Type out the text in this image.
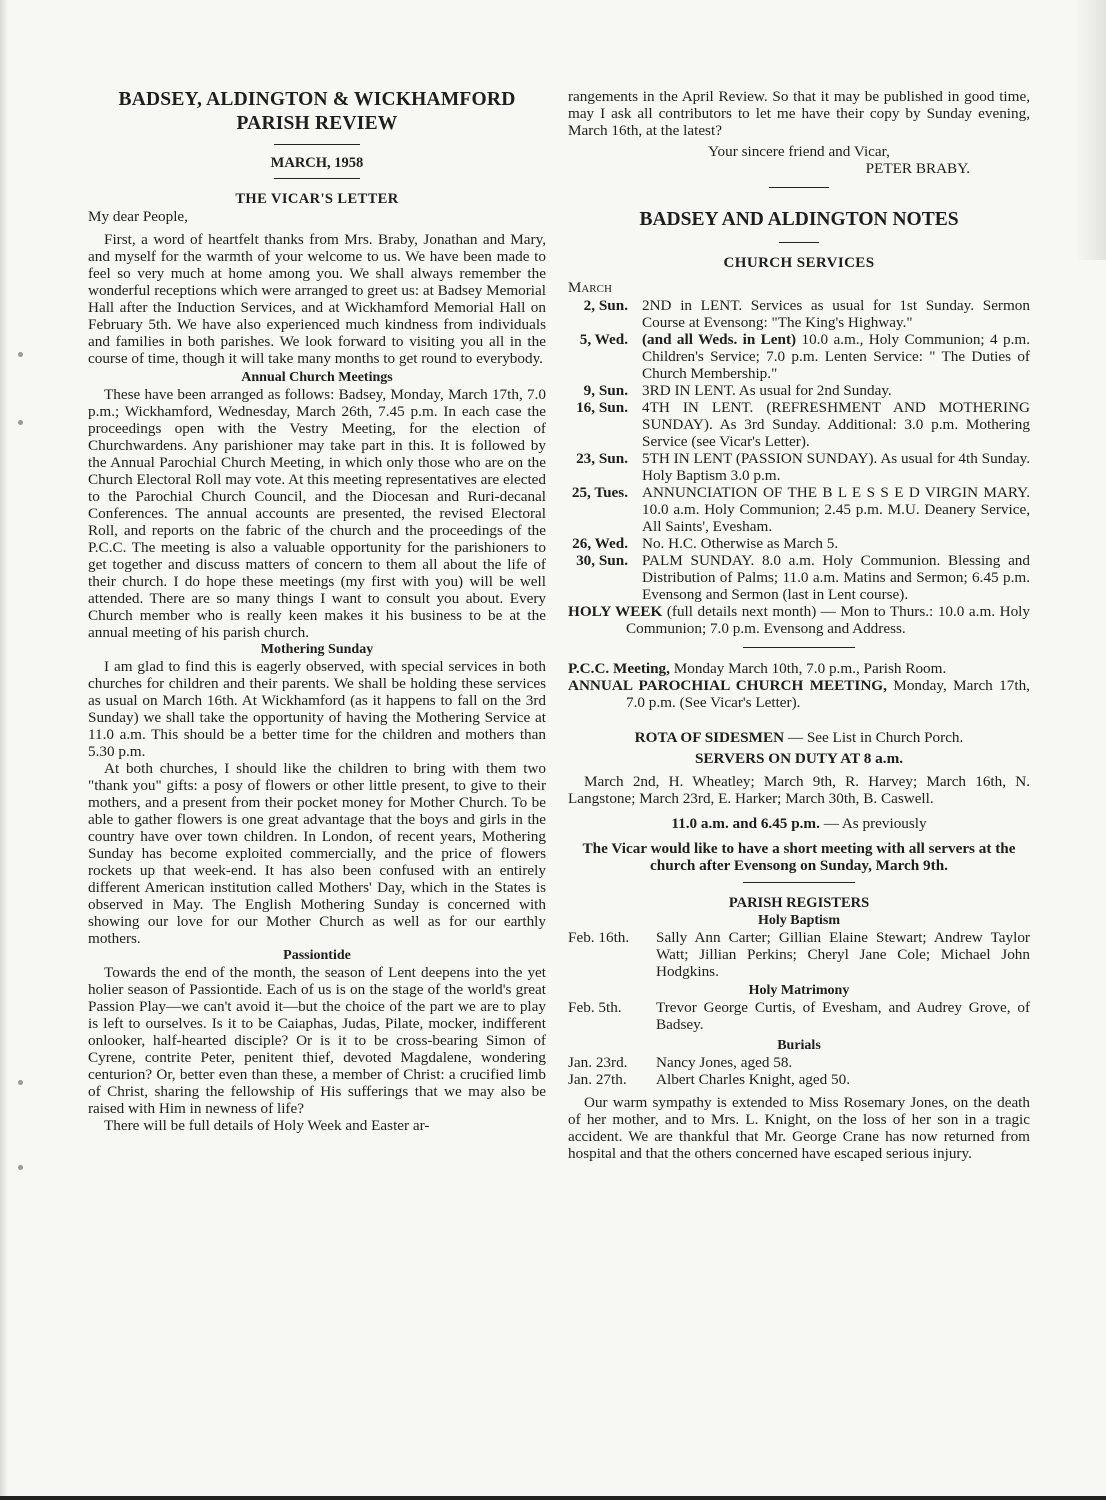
BADSEY, ALDINGTON & WICKHAMFORD
PARISH REVIEW
MARCH, 1958
THE VICAR'S LETTER

My dear People,

First, a word of heartfelt thanks from Mrs. Braby, Jonathan and Mary, and myself for the warmth of your welcome to us. We have been made to feel so very much at home among you. We shall always remember the wonderful receptions which were arranged to greet us: at Badsey Memorial Hall after the Induction Services, and at Wickhamford Memorial Hall on February 5th. We have also experienced much kindness from individuals and families in both parishes. We look forward to visiting you all in the course of time, though it will take many months to get round to everybody.

Annual Church Meetings

These have been arranged as follows: Badsey, Monday, March 17th, 7.0 p.m.; Wickhamford, Wednesday, March 26th, 7.45 p.m. In each case the proceedings open with the Vestry Meeting, for the election of Churchwardens. Any parishioner may take part in this. It is followed by the Annual Parochial Church Meeting, in which only those who are on the Church Electoral Roll may vote. At this meeting representatives are elected to the Parochial Church Council, and the Diocesan and Ruri-decanal Conferences. The annual accounts are presented, the revised Electoral Roll, and reports on the fabric of the church and the proceedings of the P.C.C. The meeting is also a valuable opportunity for the parishioners to get together and discuss matters of concern to them all about the life of their church. I do hope these meetings (my first with you) will be well attended. There are so many things I want to consult you about. Every Church member who is really keen makes it his business to be at the annual meeting of his parish church.

Mothering Sunday

I am glad to find this is eagerly observed, with special services in both churches for children and their parents. We shall be holding these services as usual on March 16th. At Wickhamford (as it happens to fall on the 3rd Sunday) we shall take the opportunity of having the Mothering Service at 11.0 a.m. This should be a better time for the children and mothers than 5.30 p.m.

At both churches, I should like the children to bring with them two "thank you" gifts: a posy of flowers or other little present, to give to their mothers, and a present from their pocket money for Mother Church. To be able to gather flowers is one great advantage that the boys and girls in the country have over town children. In London, of recent years, Mothering Sunday has become exploited commercially, and the price of flowers rockets up that week-end. It has also been confused with an entirely different American institution called Mothers' Day, which in the States is observed in May. The English Mothering Sunday is concerned with showing our love for our Mother Church as well as for our earthly mothers.

Passiontide

Towards the end of the month, the season of Lent deepens into the yet holier season of Passiontide. Each of us is on the stage of the world's great Passion Play—we can't avoid it—but the choice of the part we are to play is left to ourselves. Is it to be Caiaphas, Judas, Pilate, mocker, indifferent onlooker, half-hearted disciple? Or is it to be cross-bearing Simon of Cyrene, contrite Peter, penitent thief, devoted Magdalene, wondering centurion? Or, better even than these, a member of Christ: a crucified limb of Christ, sharing the fellowship of His sufferings that we may also be raised with Him in newness of life?

There will be full details of Holy Week and Easter ar-

rangements in the April Review. So that it may be published in good time, may I ask all contributors to let me have their copy by Sunday evening, March 16th, at the latest?

Your sincere friend and Vicar,
PETER BRABY.
BADSEY AND ALDINGTON NOTES
CHURCH SERVICES
March
2, Sun.	2ND in LENT. Services as usual for 1st Sunday. Sermon Course at Evensong: "The King's Highway."
5, Wed.	(and all Weds. in Lent) 10.0 a.m., Holy Communion; 4 p.m. Children's Service; 7.0 p.m. Lenten Service: " The Duties of Church Membership."
9, Sun.	3RD IN LENT. As usual for 2nd Sunday.
16, Sun.	4TH IN LENT. (REFRESHMENT AND MOTHERING SUNDAY). As 3rd Sunday. Additional: 3.0 p.m. Mothering Service (see Vicar's Letter).
23, Sun.	5TH IN LENT (PASSION SUNDAY). As usual for 4th Sunday. Holy Baptism 3.0 p.m.
25, Tues.	ANNUNCIATION OF THE B L E S S E D VIRGIN MARY. 10.0 a.m. Holy Communion; 2.45 p.m. M.U. Deanery Service, All Saints', Evesham.
26, Wed.	No. H.C. Otherwise as March 5.
30, Sun.	PALM SUNDAY. 8.0 a.m. Holy Communion. Blessing and Distribution of Palms; 11.0 a.m. Matins and Sermon; 6.45 p.m. Evensong and Sermon (last in Lent course).

HOLY WEEK (full details next month) — Mon to Thurs.: 10.0 a.m. Holy Communion; 7.0 p.m. Evensong and Address.

P.C.C. Meeting, Monday March 10th, 7.0 p.m., Parish Room.

ANNUAL PAROCHIAL CHURCH MEETING, Monday, March 17th, 7.0 p.m. (See Vicar's Letter).

ROTA OF SIDESMEN — See List in Church Porch.
SERVERS ON DUTY AT 8 a.m.

March 2nd, H. Wheatley; March 9th, R. Harvey; March 16th, N. Langstone; March 23rd, E. Harker; March 30th, B. Caswell.

11.0 a.m. and 6.45 p.m. — As previously

The Vicar would like to have a short meeting with all servers at the church after Evensong on Sunday, March 9th.

PARISH REGISTERS
Holy Baptism
Feb. 16th.	Sally Ann Carter; Gillian Elaine Stewart; Andrew Taylor Watt; Jillian Perkins; Cheryl Jane Cole; Michael John Hodgkins.
Holy Matrimony
Feb. 5th.	Trevor George Curtis, of Evesham, and Audrey Grove, of Badsey.
Burials
Jan. 23rd.	Nancy Jones, aged 58.
Jan. 27th.	Albert Charles Knight, aged 50.

Our warm sympathy is extended to Miss Rosemary Jones, on the death of her mother, and to Mrs. L. Knight, on the loss of her son in a tragic accident. We are thankful that Mr. George Crane has now returned from hospital and that the others concerned have escaped serious injury.
